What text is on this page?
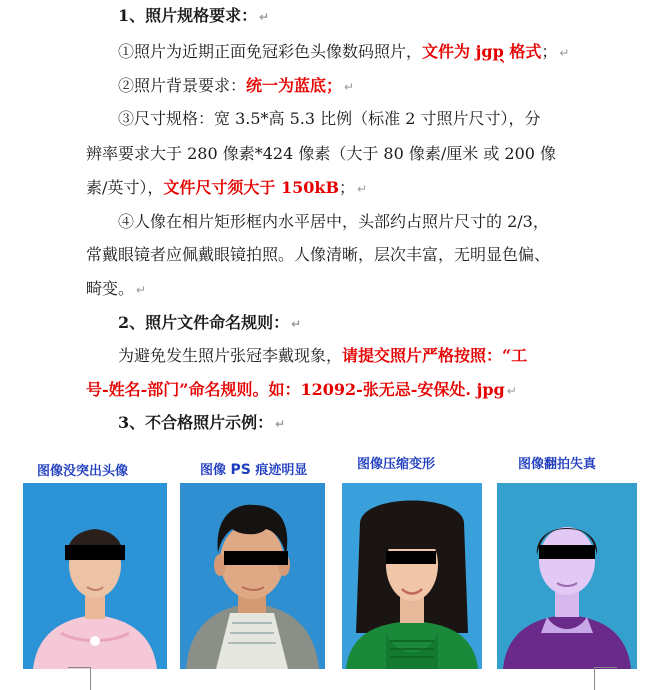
1、照片规格要求： ↵
①照片为近期正面免冠彩色头像数码照片，文件为 jgp 格式； ↵
②照片背景要求：统一为蓝底； ↵
③尺寸规格：宽 3.5*高 5.3 比例（标准 2 寸照片尺寸），分
辨率要求大于 280 像素*424 像素（大于 80 像素/厘米 或 200 像
素/英寸），文件尺寸须大于 150kB； ↵
④人像在相片矩形框内水平居中，头部约占照片尺寸的 2/3，
常戴眼镜者应佩戴眼镜拍照。人像清晰，层次丰富，无明显色偏、
畸变。 ↵
2、照片文件命名规则： ↵
为避免发生照片张冠李戴现象，请提交照片严格按照：“工
号-姓名-部门”命名规则。如：12092-张无忌-安保处. jpg ↵
3、不合格照片示例： ↵
图像没突出头像	图像 PS 痕迹明显	图像压缩变形	图像翻拍失真
